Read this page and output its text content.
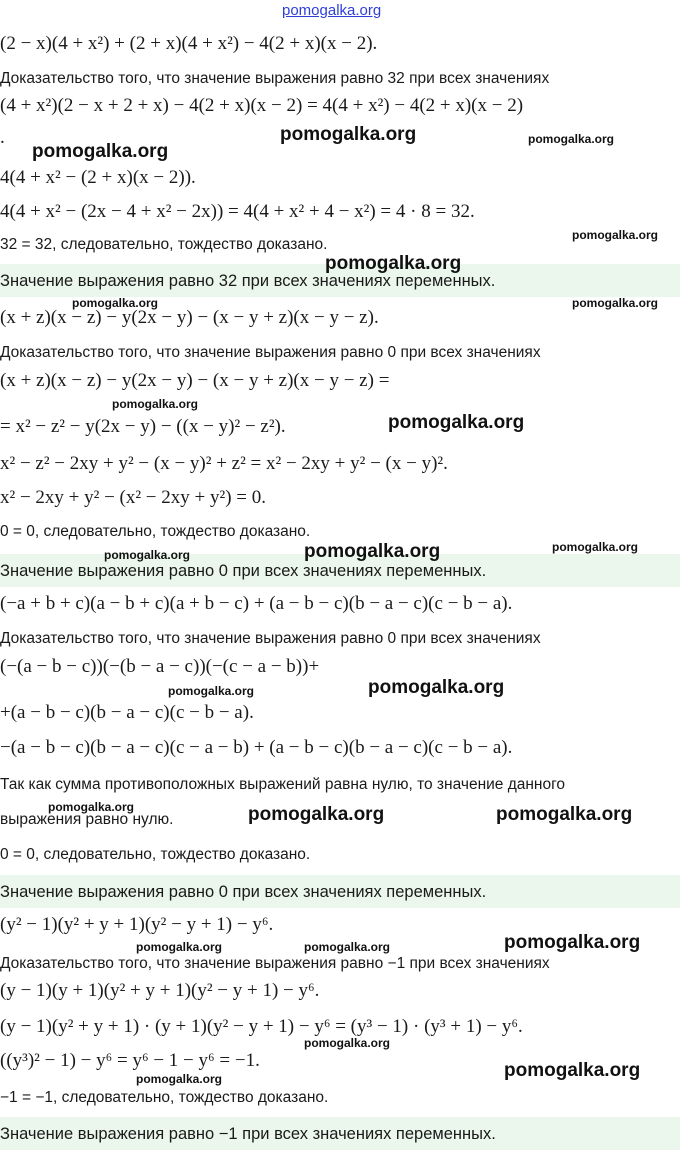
(2 − x)(4 + x²) + (2 + x)(4 + x²) − 4(2 + x)(x − 2).
Доказательство того, что значение выражения равно 32 при всех значениях
(4 + x²)(2 − x + 2 + x) − 4(2 + x)(x − 2) = 4(4 + x²) − 4(2 + x)(x − 2)
.
4(4 + x² − (2 + x)(x − 2)).
4(4 + x² − (2x − 4 + x² − 2x)) = 4(4 + x² + 4 − x²) = 4 · 8 = 32.
32 = 32, следовательно, тождество доказано.
Значение выражения равно 32 при всех значениях переменных.
(x + z)(x − z) − y(2x − y) − (x − y + z)(x − y − z).
Доказательство того, что значение выражения равно 0 при всех значениях
(x + z)(x − z) − y(2x − y) − (x − y + z)(x − y − z) =
= x² − z² − y(2x − y) − ((x − y)² − z²).
x² − z² − 2xy + y² − (x − y)² + z² = x² − 2xy + y² − (x − y)².
x² − 2xy + y² − (x² − 2xy + y²) = 0.
0 = 0, следовательно, тождество доказано.
Значение выражения равно 0 при всех значениях переменных.
(−a + b + c)(a − b + c)(a + b − c) + (a − b − c)(b − a − c)(c − b − a).
Доказательство того, что значение выражения равно 0 при всех значениях
(−(a − b − c))(−(b − a − c))(−(c − a − b))+
+(a − b − c)(b − a − c)(c − b − a).
−(a − b − c)(b − a − c)(c − a − b) + (a − b − c)(b − a − c)(c − b − a).
Так как сумма противоположных выражений равна нулю, то значение данного
выражения равно нулю.
0 = 0, следовательно, тождество доказано.
Значение выражения равно 0 при всех значениях переменных.
(y² − 1)(y² + y + 1)(y² − y + 1) − y⁶.
Доказательство того, что значение выражения равно −1 при всех значениях
(y − 1)(y + 1)(y² + y + 1)(y² − y + 1) − y⁶.
(y − 1)(y² + y + 1) · (y + 1)(y² − y + 1) − y⁶ = (y³ − 1) · (y³ + 1) − y⁶.
((y³)² − 1) − y⁶ = y⁶ − 1 − y⁶ = −1.
−1 = −1, следовательно, тождество доказано.
Значение выражения равно −1 при всех значениях переменных.
pomogalka.org
pomogalka.org	pomogalka.org
pomogalka.org
pomogalka.org
pomogalka.org
pomogalka.org	pomogalka.org
pomogalka.org
pomogalka.org
pomogalka.org
pomogalka.org
pomogalka.org
pomogalka.org
pomogalka.org
pomogalka.org	pomogalka.org	pomogalka.org
pomogalka.org
pomogalka.org	pomogalka.org
pomogalka.org
pomogalka.org
pomogalka.org
